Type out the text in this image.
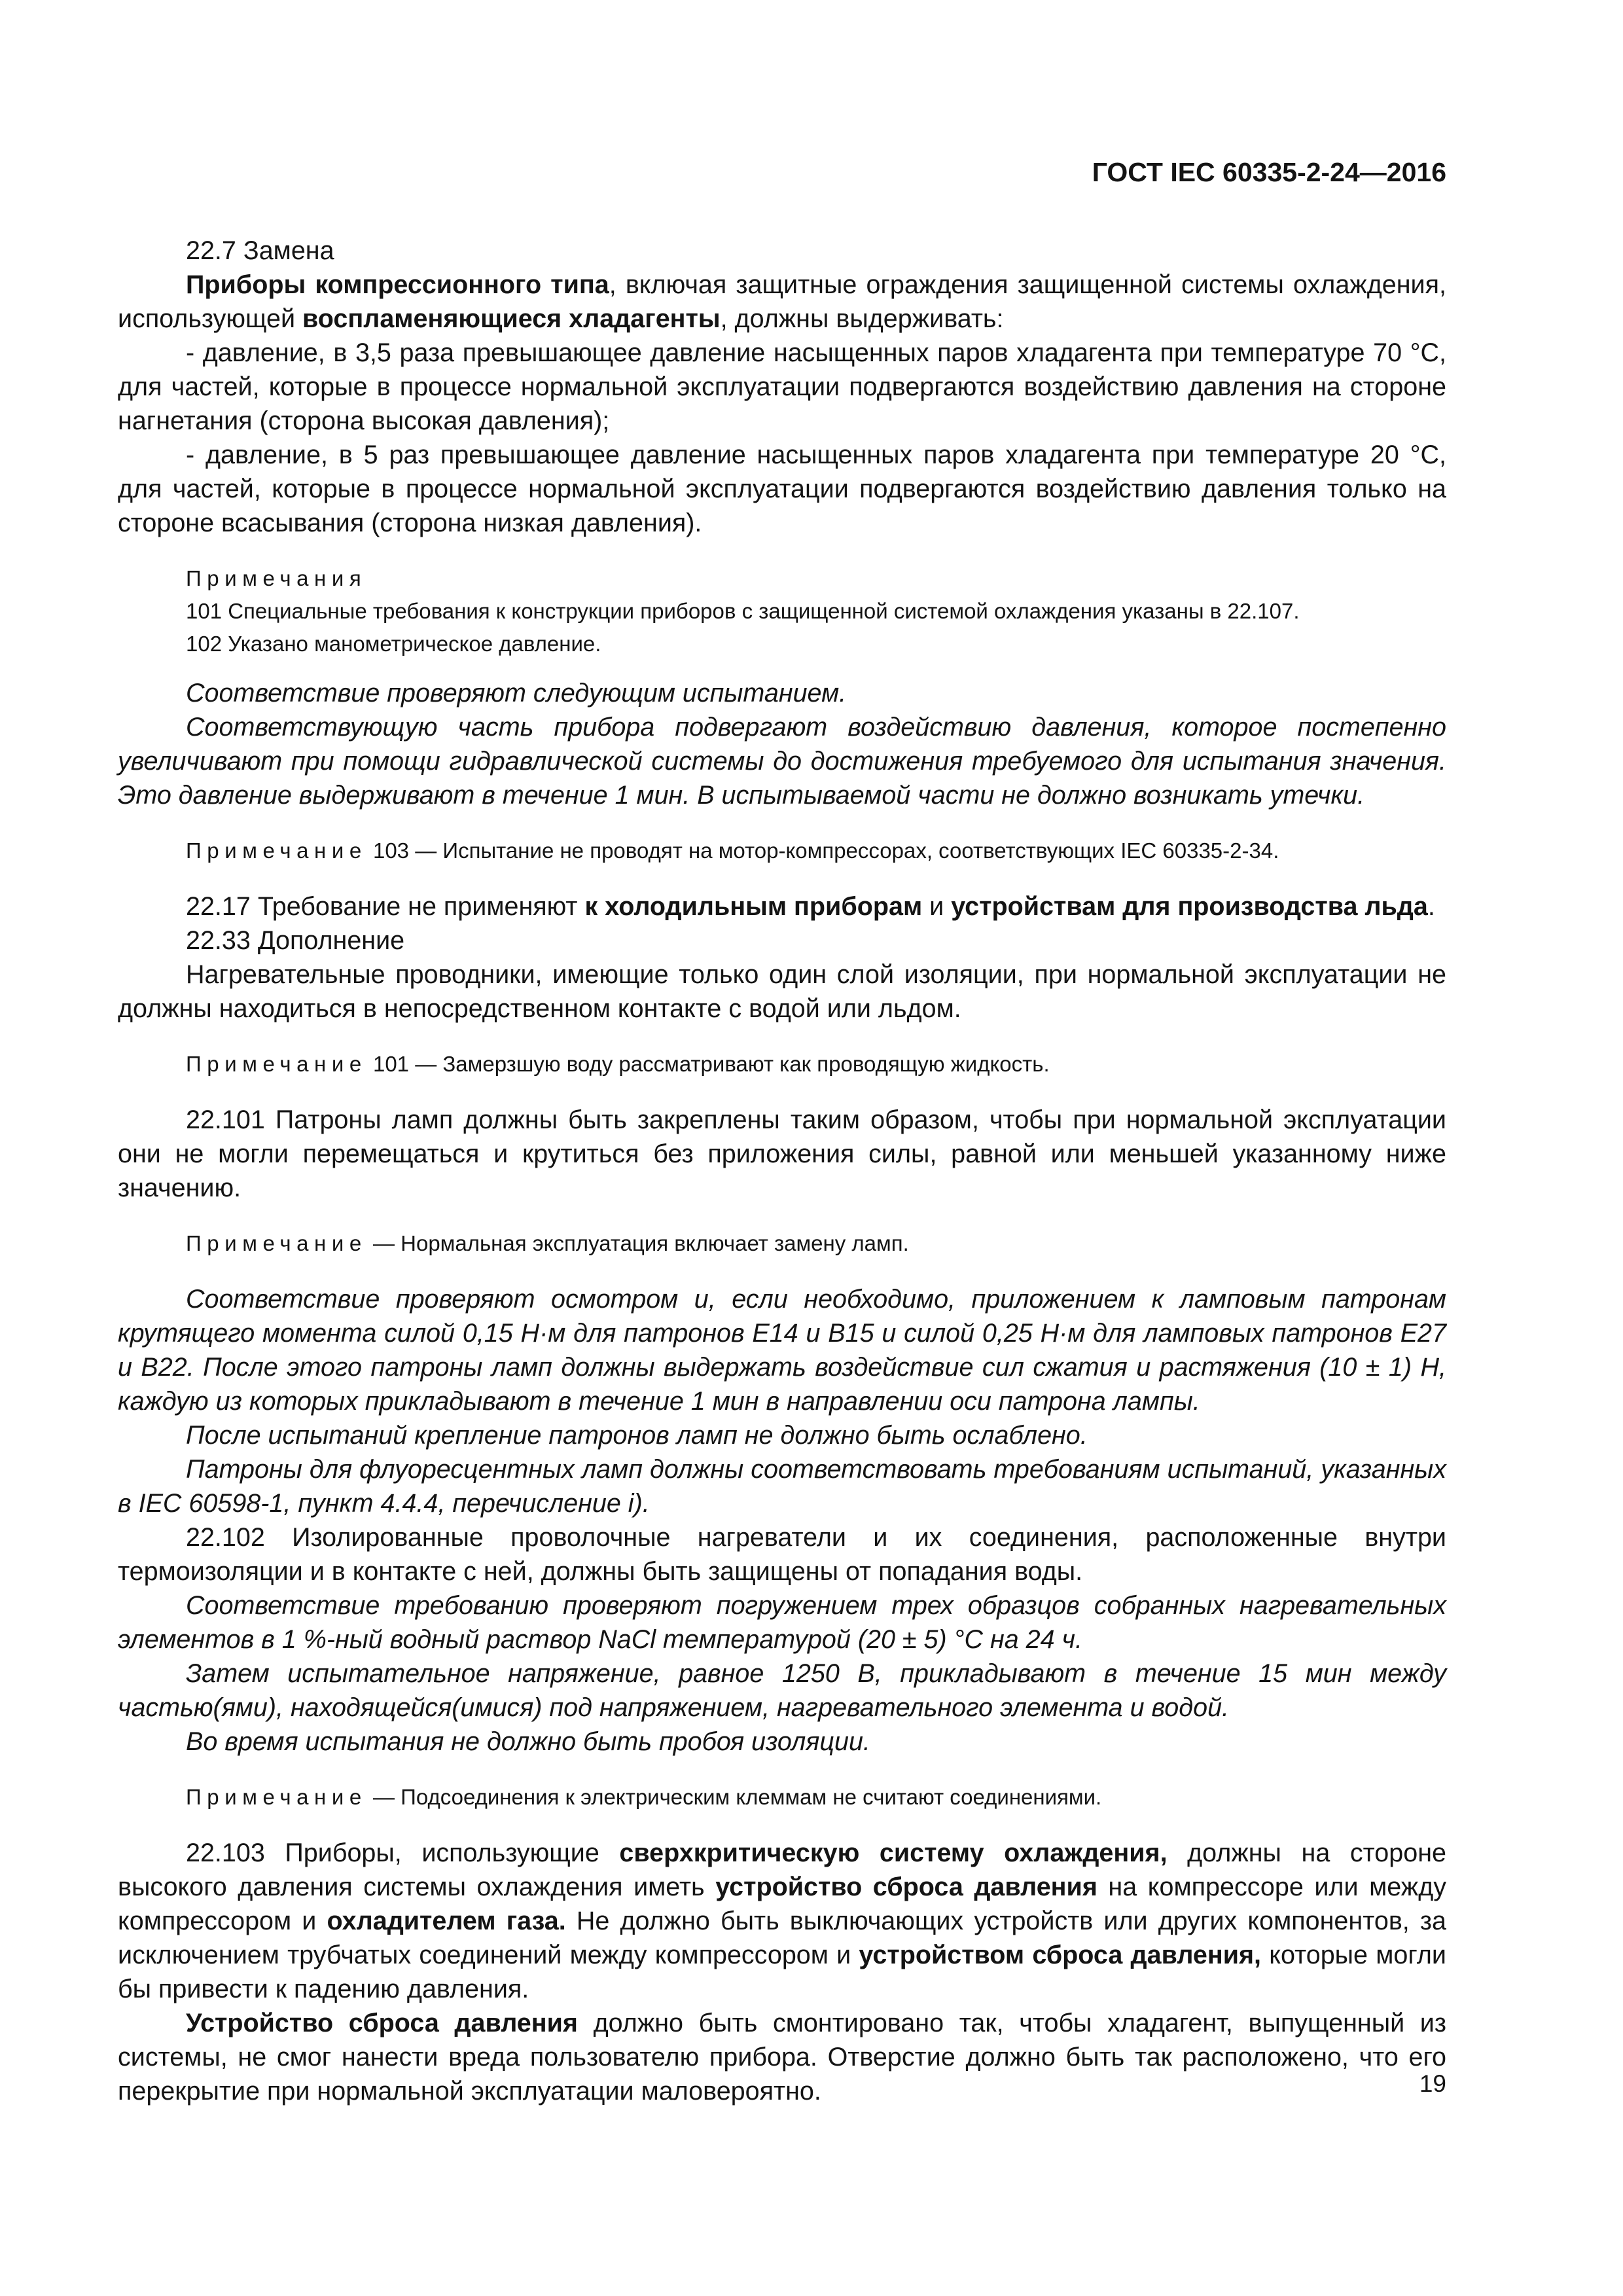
ГОСТ IEC 60335-2-24—2016

22.7 Замена

Приборы компрессионного типа, включая защитные ограждения защищенной системы охлаждения, использующей воспламеняющиеся хладагенты, должны выдерживать:

- давление, в 3,5 раза превышающее давление насыщенных паров хладагента при температуре 70 °С, для частей, которые в процессе нормальной эксплуатации подвергаются воздействию давления на стороне нагнетания (сторона высокая давления);

- давление, в 5 раз превышающее давление насыщенных паров хладагента при температуре 20 °С, для частей, которые в процессе нормальной эксплуатации подвергаются воздействию давления только на стороне всасывания (сторона низкая давления).

Примечания

101 Специальные требования к конструкции приборов с защищенной системой охлаждения указаны в 22.107.

102 Указано манометрическое давление.

Соответствие проверяют следующим испытанием.

Соответствующую часть прибора подвергают воздействию давления, которое постепенно увеличивают при помощи гидравлической системы до достижения требуемого для испытания значения. Это давление выдерживают в течение 1 мин. В испытываемой части не должно возникать утечки.

Примечание 103 — Испытание не проводят на мотор-компрессорах, соответствующих IEC 60335-2-34.

22.17 Требование не применяют к холодильным приборам и устройствам для производства льда.

22.33 Дополнение

Нагревательные проводники, имеющие только один слой изоляции, при нормальной эксплуатации не должны находиться в непосредственном контакте с водой или льдом.

Примечание 101 — Замерзшую воду рассматривают как проводящую жидкость.

22.101 Патроны ламп должны быть закреплены таким образом, чтобы при нормальной эксплуатации они не могли перемещаться и крутиться без приложения силы, равной или меньшей указанному ниже значению.

Примечание — Нормальная эксплуатация включает замену ламп.

Соответствие проверяют осмотром и, если необходимо, приложением к ламповым патронам крутящего момента силой 0,15 Н·м для патронов Е14 и В15 и силой 0,25 Н·м для ламповых патронов Е27 и В22. После этого патроны ламп должны выдержать воздействие сил сжатия и растяжения (10 ± 1) Н, каждую из которых прикладывают в течение 1 мин в направлении оси патрона лампы.

После испытаний крепление патронов ламп не должно быть ослаблено.

Патроны для флуоресцентных ламп должны соответствовать требованиям испытаний, указанных в IEC 60598-1, пункт 4.4.4, перечисление i).

22.102 Изолированные проволочные нагреватели и их соединения, расположенные внутри термоизоляции и в контакте с ней, должны быть защищены от попадания воды.

Соответствие требованию проверяют погружением трех образцов собранных нагревательных элементов в 1 %-ный водный раствор NaCl температурой (20 ± 5) °С на 24 ч.

Затем испытательное напряжение, равное 1250 В, прикладывают в течение 15 мин между частью(ями), находящейся(имися) под напряжением, нагревательного элемента и водой.

Во время испытания не должно быть пробоя изоляции.

Примечание — Подсоединения к электрическим клеммам не считают соединениями.

22.103 Приборы, использующие сверхкритическую систему охлаждения, должны на стороне высокого давления системы охлаждения иметь устройство сброса давления на компрессоре или между компрессором и охладителем газа. Не должно быть выключающих устройств или других компонентов, за исключением трубчатых соединений между компрессором и устройством сброса давления, которые могли бы привести к падению давления.

Устройство сброса давления должно быть смонтировано так, чтобы хладагент, выпущенный из системы, не смог нанести вреда пользователю прибора. Отверстие должно быть так расположено, что его перекрытие при нормальной эксплуатации маловероятно.	19
